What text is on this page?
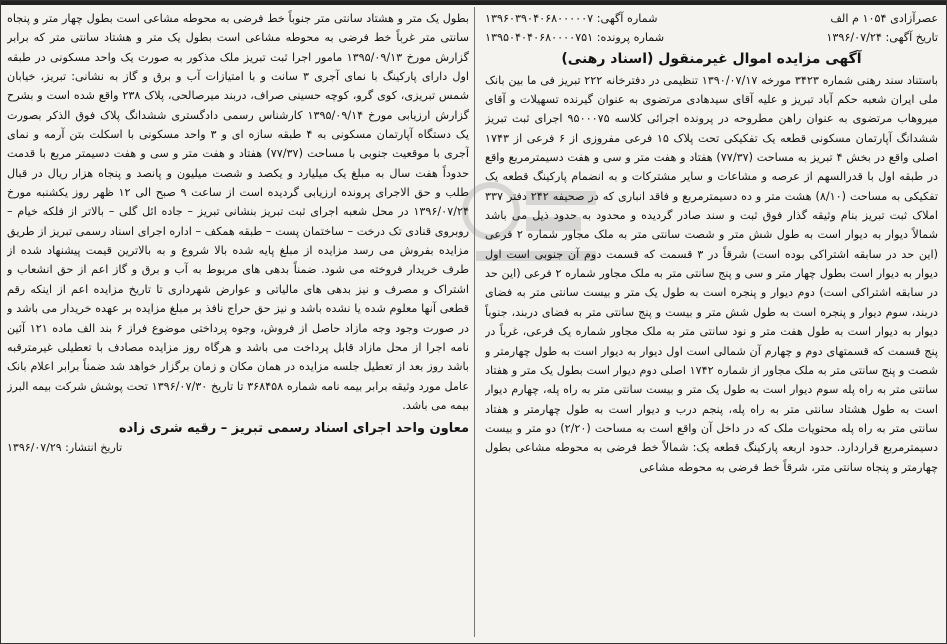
عصرآزادی ۱۰۵۴ م الف
شماره آگهی: ۱۳۹۶۰۳۹۰۴۰۶۸۰۰۰۰۰۷
تاریخ آگهی: ۱۳۹۶/۰۷/۲۴
شماره پرونده: ۱۳۹۵۰۴۰۴۰۶۸۰۰۰۰۷۵۱
آگهی مزایده اموال غیرمنقول (اسناد رهنی)
باستناد سند رهنی شماره ۳۴۲۳ مورخه ۱۳۹۰/۰۷/۱۷ تنظیمی در دفترخانه ۲۲۲ تبریز فی ما بین بانک ملی ایران شعبه حکم آباد تبریز و علیه آقای سیدهادی مرتضوی به عنوان گیرنده تسهیلات و آقای میروهاب مرتضوی به عنوان راهن مطروحه در پرونده اجرائی کلاسه ۹۵۰۰۰۷۵ اجرای ثبت تبریز ششدانگ آپارتمان مسکونی قطعه یک تفکیکی تحت پلاک ۱۵ فرعی مفروزی از ۶ فرعی از ۱۷۴۳ اصلی واقع در بخش ۴ تبریز به مساحت (۷۷/۳۷) هفتاد و هفت متر و سی و هفت دسیمترمربع واقع در طبقه اول با قدرالسهم از عرصه و مشاعات و سایر مشترکات و به انضمام پارکینگ قطعه یک تفکیکی به مساحت (۸/۱۰) هشت متر و ده دسیمترمربع و فاقد انباری که در صحیفه ۲۴۲ دفتر ۳۳۷ املاک ثبت تبریز بنام وثیقه گذار فوق ثبت و سند صادر گردیده و محدود به حدود ذیل می باشد شمالاً دیوار به دیوار است به طول شش متر و شصت سانتی متر به ملک مجاور شماره ۲ فرعی (این حد در سابقه اشتراکی بوده است) شرقاً در ۳ قسمت که قسمت دوم آن جنوبی است اول دیوار به دیوار است بطول چهار متر و سی و پنج سانتی متر به ملک مجاور شماره ۲ فرعی (این حد در سابقه اشتراکی است) دوم دیوار و پنجره است به طول یک متر و بیست سانتی متر به فضای دربند، سوم دیوار و پنجره است به طول شش متر و بیست و پنج سانتی متر به فضای دربند، جنوباً دیوار به دیوار است به طول هفت متر و نود سانتی متر به ملک مجاور شماره یک فرعی، غرباً در پنج قسمت که قسمتهای دوم و چهارم آن شمالی است اول دیوار به دیوار است به طول چهارمتر و شصت و پنج سانتی متر به ملک مجاور از شماره ۱۷۴۲ اصلی دوم دیوار است بطول یک متر و هفتاد سانتی متر به راه پله سوم دیوار است به طول یک متر و بیست سانتی متر به راه پله، چهارم دیوار است به طول هشتاد سانتی متر به راه پله، پنجم درب و دیوار است به طول چهارمتر و هفتاد سانتی متر به راه پله محتویات ملک که در داخل آن واقع است به مساحت (۲/۲۰) دو متر و بیست دسیمترمربع قراردارد. حدود اربعه پارکینگ قطعه یک: شمالاً خط فرضی به محوطه مشاعی بطول چهارمتر و پنجاه سانتی متر، شرقاً خط فرضی به محوطه مشاعی
بطول یک متر و هشتاد سانتی متر جنوباً خط فرضی به محوطه مشاعی است بطول چهار متر و پنجاه سانتی متر غرباً خط فرضی به محوطه مشاعی است بطول یک متر و هشتاد سانتی متر که برابر گزارش مورخ ۱۳۹۵/۰۹/۱۳ مامور اجرا ثبت تبریز ملک مذکور به صورت یک واحد مسکونی در طبقه اول دارای پارکینگ با نمای آجری ۳ سانت و با امتیازات آب و برق و گاز به نشانی: تبریز، خیابان شمس تبریزی، کوی گرو، کوچه حسینی صراف، دربند میرصالحی، پلاک ۲۳۸ واقع شده است و بشرح گزارش ارزیابی مورخ ۱۳۹۵/۰۹/۱۴ کارشناس رسمی دادگستری ششدانگ پلاک فوق الذکر بصورت یک دستگاه آپارتمان مسکونی به ۴ طبقه سازه ای و ۳ واحد مسکونی با اسکلت بتن آرمه و نمای آجری با موقعیت جنوبی با مساحت (۷۷/۳۷) هفتاد و هفت متر و سی و هفت دسیمتر مربع با قدمت حدوداً هفت سال به مبلغ یک میلیارد و یکصد و شصت میلیون و پانصد و پنجاه هزار ریال در قبال طلب و حق الاجرای پرونده ارزیابی گردیده است از ساعت ۹ صبح الی ۱۲ ظهر روز یکشنبه مورخ ۱۳۹۶/۰۷/۲۴ در محل شعبه اجرای ثبت تبریز بنشانی تبریز – جاده ائل گلی – بالاتر از فلکه خیام – روبروی قنادی تک درخت – ساختمان پست – طبقه همکف – اداره اجرای اسناد رسمی تبریز از طریق مزایده بفروش می رسد مزایده از مبلغ پایه شده بالا شروع و به بالاترین قیمت پیشنهاد شده از طرف خریدار فروخته می شود. ضمناً بدهی های مربوط به آب و برق و گاز اعم از حق انشعاب و اشتراک و مصرف و نیز بدهی های مالیاتی و عوارض شهرداری تا تاریخ مزایده اعم از اینکه رقم قطعی آنها معلوم شده یا نشده باشد و نیز حق حراج نافذ بر مبلغ مزایده بر عهده خریدار می باشد و در صورت وجود وجه مازاد حاصل از فروش، وجوه پرداختی موضوع فراز ۶ بند الف ماده ۱۲۱ آئین نامه اجرا از محل مازاد قابل پرداخت می باشد و هرگاه روز مزایده مصادف با تعطیلی غیرمترقبه باشد روز بعد از تعطیل جلسه مزایده در همان مکان و زمان برگزار خواهد شد ضمناً برابر اعلام بانک عامل مورد وثیقه برابر بیمه نامه شماره ۳۶۸۴۵۸ تا تاریخ ۱۳۹۶/۰۷/۳۰ تحت پوشش شرکت بیمه البرز بیمه می باشد.
معاون واحد اجرای اسناد رسمی تبریز – رقیه شری زاده
تاریخ انتشار: ۱۳۹۶/۰۷/۲۹
